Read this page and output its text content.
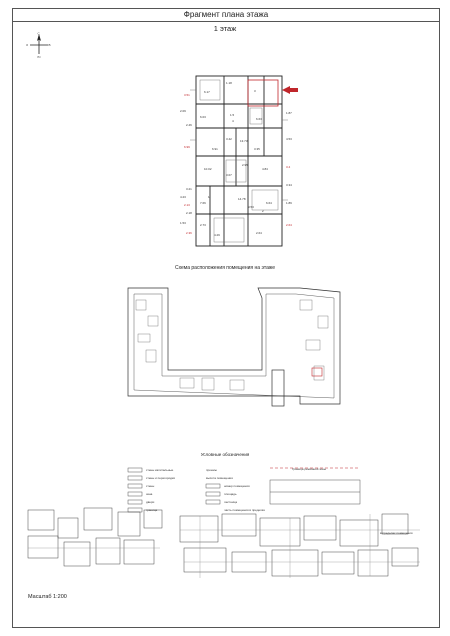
Фрагмент плана этажа
1 этаж
С
Ю
З	В
6.17
1.18
6.03	1.5
6.63
3.42	13.73
6.91	3.35
2.95
4.84
10.02
3.07
14.78
7.66
3.53
6.64
2.73
4.29	2.64
3
4
1
2
3.51
2.09
2.46
6.99
3.21
4.23
2.13
2.18
1.53
2.36
1.87
4.53
3.4
3.34
1.89
2.64
Схема расположения помещения на этаже
Условные обозначения
стены капитальные
стены и перегородки
стены
окна
двери
граница
проемы
высота помещения
номер помещения
площадь
лестница
часть помещения в пределах
Граница режимной зоны
в пределах помещения
Масштаб 1:200
